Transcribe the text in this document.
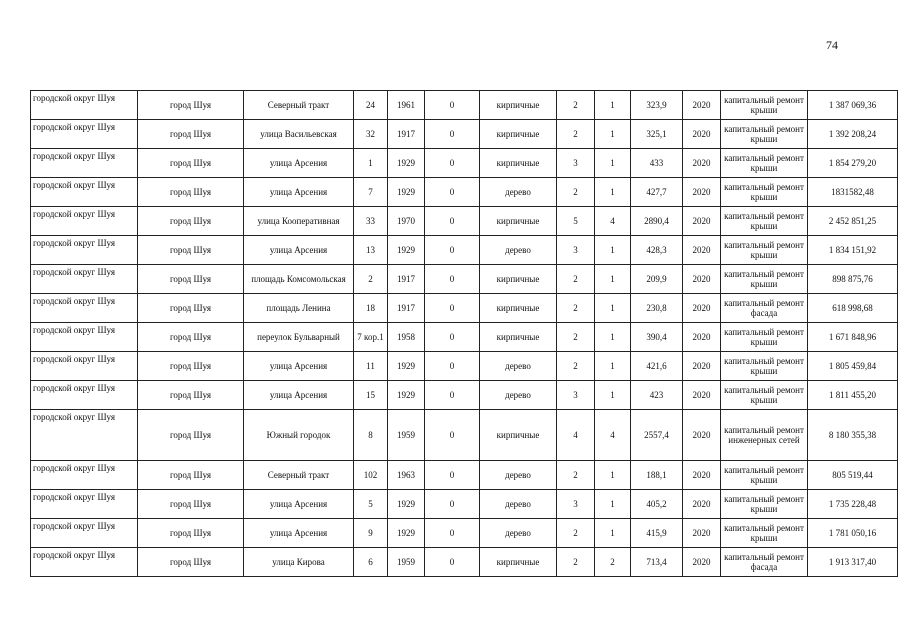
74
городской округ Шуя	город Шуя	Северный тракт	24	1961	0	кирпичные	2	1	323,9	2020	капитальный ремонт крыши	1 387 069,36
городской округ Шуя	город Шуя	улица Васильевская	32	1917	0	кирпичные	2	1	325,1	2020	капитальный ремонт крыши	1 392 208,24
городской округ Шуя	город Шуя	улица Арсения	1	1929	0	кирпичные	3	1	433	2020	капитальный ремонт крыши	1 854 279,20
городской округ Шуя	город Шуя	улица Арсения	7	1929	0	дерево	2	1	427,7	2020	капитальный ремонт крыши	1831582,48
городской округ Шуя	город Шуя	улица Кооперативная	33	1970	0	кирпичные	5	4	2890,4	2020	капитальный ремонт крыши	2 452 851,25
городской округ Шуя	город Шуя	улица Арсения	13	1929	0	дерево	3	1	428,3	2020	капитальный ремонт крыши	1 834 151,92
городской округ Шуя	город Шуя	площадь Комсомольская	2	1917	0	кирпичные	2	1	209,9	2020	капитальный ремонт крыши	898 875,76
городской округ Шуя	город Шуя	площадь Ленина	18	1917	0	кирпичные	2	1	230,8	2020	капитальный ремонт фасада	618 998,68
городской округ Шуя	город Шуя	переулок Бульварный	7 кор.1	1958	0	кирпичные	2	1	390,4	2020	капитальный ремонт крыши	1 671 848,96
городской округ Шуя	город Шуя	улица Арсения	11	1929	0	дерево	2	1	421,6	2020	капитальный ремонт крыши	1 805 459,84
городской округ Шуя	город Шуя	улица Арсения	15	1929	0	дерево	3	1	423	2020	капитальный ремонт крыши	1 811 455,20
городской округ Шуя	город Шуя	Южный городок	8	1959	0	кирпичные	4	4	2557,4	2020	капитальный ремонт инженерных сетей	8 180 355,38
городской округ Шуя	город Шуя	Северный тракт	102	1963	0	дерево	2	1	188,1	2020	капитальный ремонт крыши	805 519,44
городской округ Шуя	город Шуя	улица Арсения	5	1929	0	дерево	3	1	405,2	2020	капитальный ремонт крыши	1 735 228,48
городской округ Шуя	город Шуя	улица Арсения	9	1929	0	дерево	2	1	415,9	2020	капитальный ремонт крыши	1 781 050,16
городской округ Шуя	город Шуя	улица Кирова	6	1959	0	кирпичные	2	2	713,4	2020	капитальный ремонт фасада	1 913 317,40
